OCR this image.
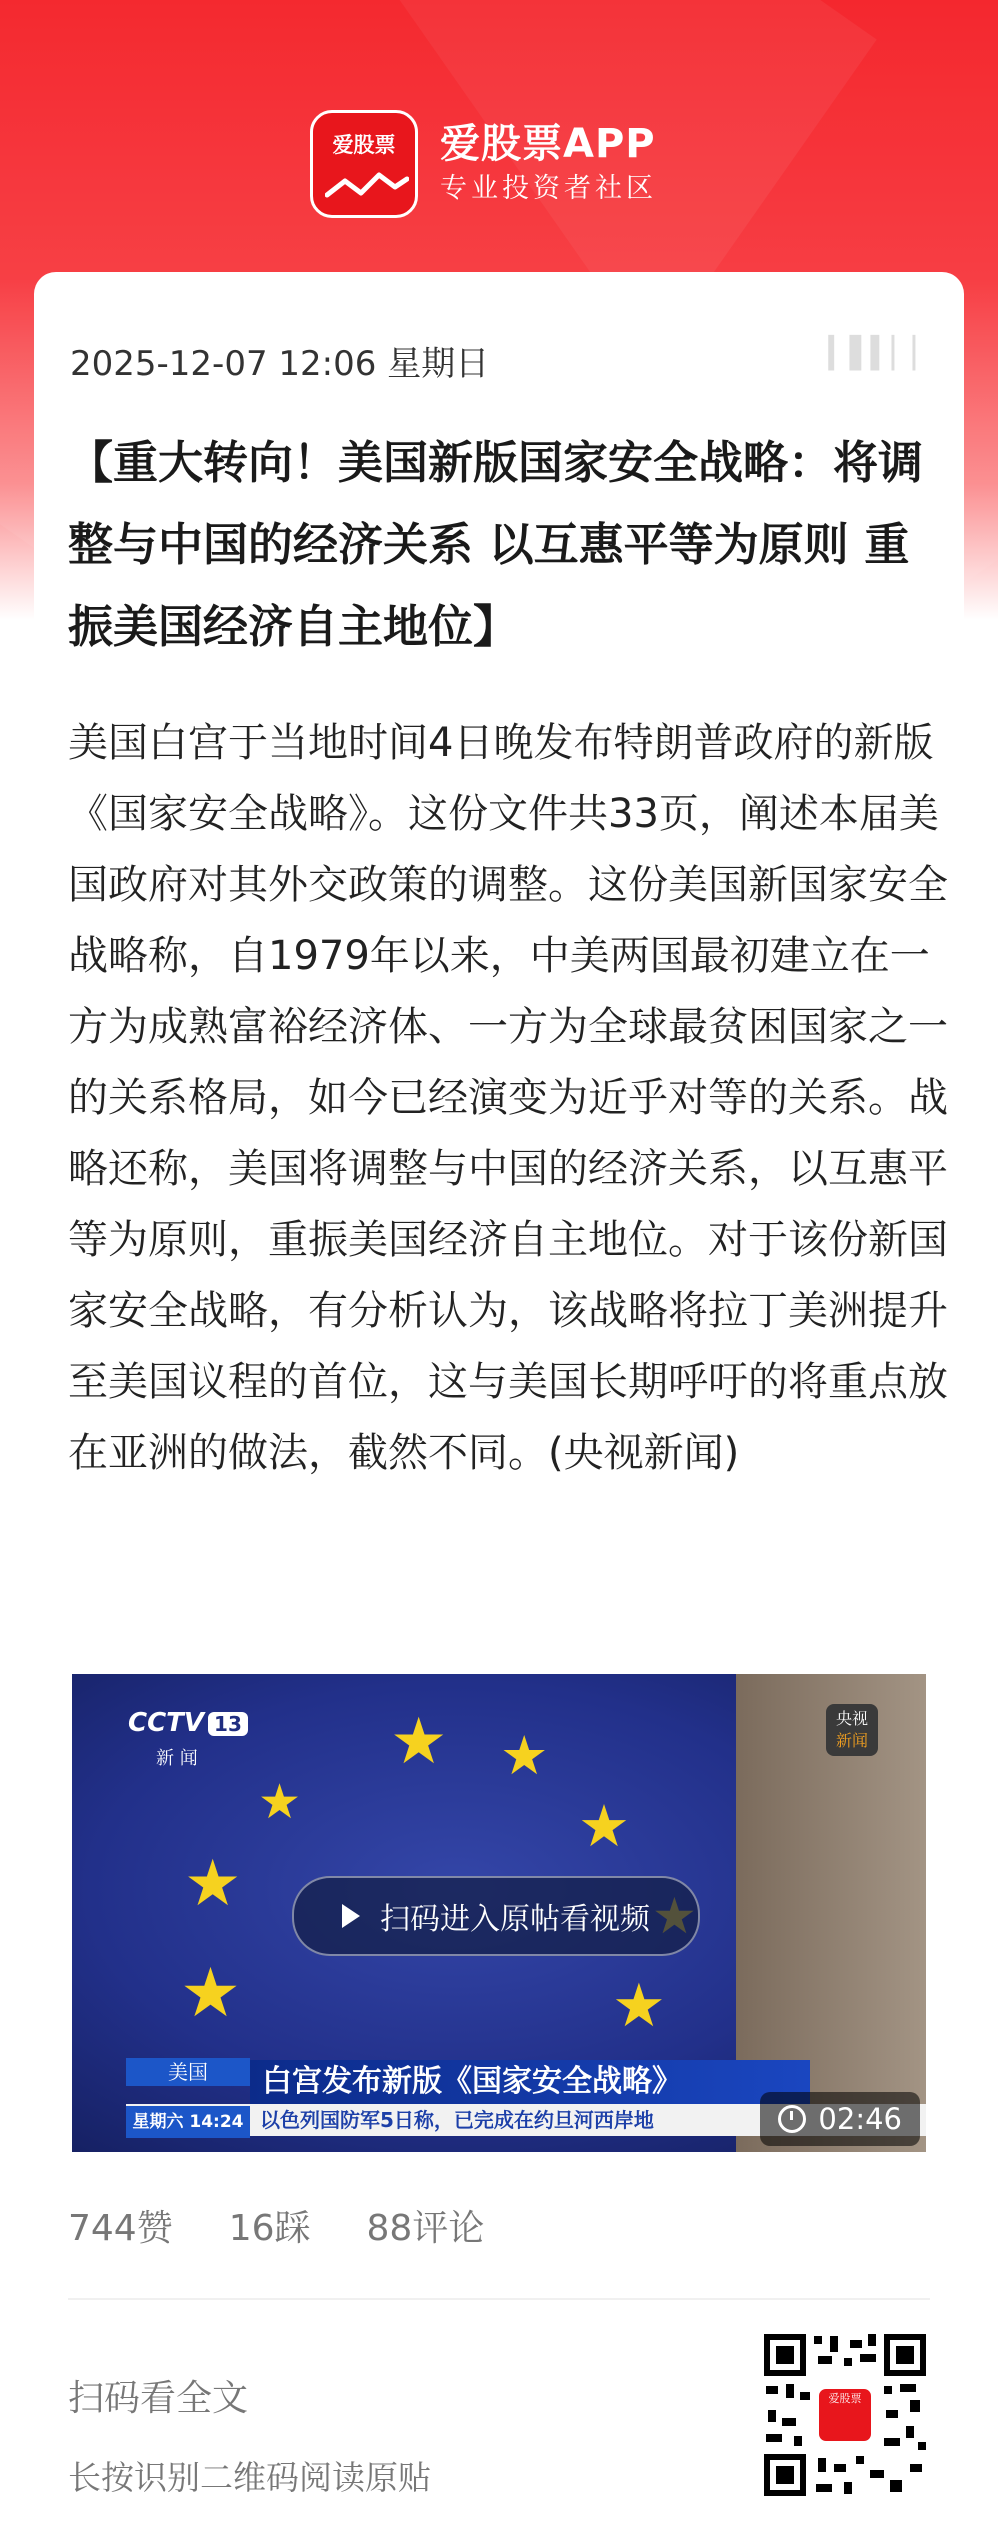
爱股票	爱股票APP
专业投资者社区
2025-12-07 12:06 星期日	▎▌▍▏▏
【重大转向！美国新版国家安全战略：将调整与中国的经济关系 以互惠平等为原则 重振美国经济自主地位】
美国白宫于当地时间4日晚发布特朗普政府的新版《国家安全战略》。这份文件共33页，阐述本届美国政府对其外交政策的调整。这份美国新国家安全战略称，自1979年以来，中美两国最初建立在一方为成熟富裕经济体、一方为全球最贫困国家之一的关系格局，如今已经演变为近乎对等的关系。战略还称，美国将调整与中国的经济关系，以互惠平等为原则，重振美国经济自主地位。对于该份新国家安全战略，有分析认为，该战略将拉丁美洲提升至美国议程的首位，这与美国长期呼吁的将重点放在亚洲的做法，截然不同。(央视新闻)
★ ★
★	★
★
★	★
CCTV 13
新 闻
央视
新闻
扫码进入原帖看视频
美国	白宫发布新版《国家安全战略》
星期六 14:24 以色列国防军5日称，已完成在约旦河西岸地	02:46
744赞 16踩 88评论
扫码看全文
长按识别二维码阅读原贴
爱股票
